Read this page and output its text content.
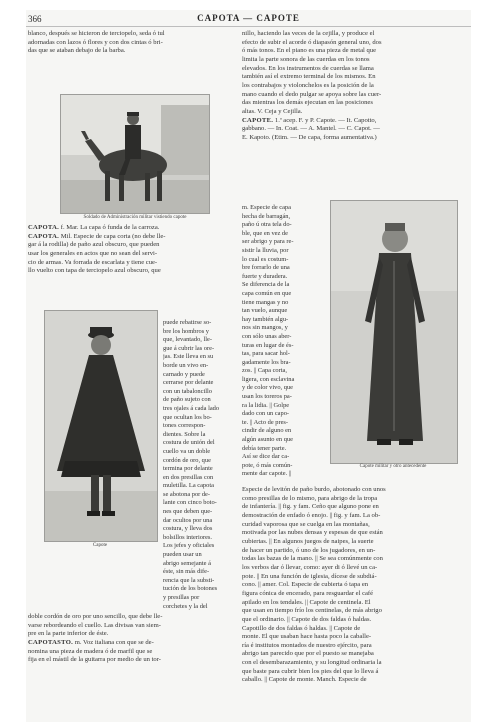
366	CAPOTA — CAPOTE
blanco, después se hicieron de terciopelo, seda ó tul
adornadas con lazos ó flores y con dos cintas ó bri-
das que se ataban debajo de la barba.
Soldado de Administración militar vistiendo capote

CAPOTA. f. Mar. La capa ó funda de la carroza.

CAPOTA. Mil. Especie de capa corta (no debe lle-
gar á la rodilla) de paño azul obscuro, que pueden
usar los generales en actos que no sean del servi-
cio de armas. Va forrada de escarlata y tiene cue-
llo vuelto con tapa de terciopelo azul obscuro, que
Capote
puede rebatirse so-
bre los hombros y
que, levantado, lle-
gue á cubrir las ore-
jas. Este lleva en su
borde un vivo en-
carnado y puede
cerrarse por delante
con un tabaloncillo
de paño sujeto con
tres ojales á cada lado
que ocultan los bo-
tones correspon-
dientes. Sobre la
costura de unión del
cuello va un doble
cordón de oro, que
termina por delante
en dos presillas con
muletilla. La capota
se abotona por de-
lante con cinco boto-
nes que deben que-
dar ocultos por una
costura, y lleva dos
bolsillos interiores.
Los jefes y oficiales
pueden usar un
abrigo semejante á
éste, sin más dife-
rencia que la substi-
tución de los botones
y presillas por
corchetes y la del
doble cordón de oro por uno sencillo, que debe lle-
varse rebordeando el cuello. Las divisas van siem-
pre en la parte inferior de éste.
CAPOTASTO. m. Voz italiana con que se de-
nomina una pieza de madera ó de marfil que se
fija en el mástil de la guitarra por medio de un tor-
nillo, haciendo las veces de la cejilla, y produce el
efecto de subir el acorde ó diapasón general uno, dos
ó más tonos. En el piano es una pieza de metal que
limita la parte sonora de las cuerdas en los tonos
elevados. En los instrumentos de cuerdas se llama
también así el extremo terminal de los mismos. En
los contrabajos y violonchelos es la posición de la
mano cuando el dedo pulgar se apoya sobre las cuer-
das mientras los demás ejecutan en las posiciones
altas. V. Ceja y Cejilla.
CAPOTE. 1.ª acep. F. y P. Capote. — It. Capotto,
gabbano. — In. Coat. — A. Mantel. — C. Capot. —
E. Kapoto. (Etim. — De capa, forma aumentativa.)
m. Especie de capa
hecha de barragán,
paño ú otra tela do-
ble, que en vez de
ser abrigo y para re-
sistir la lluvia, por
lo cual es costum-
bre forrarlo de una
fuerte y duradera.
Se diferencia de la
capa común en que
tiene mangas y no
tan vuelo, aunque
hay también algu-
nos sin mangos, y
con sólo unas aber-
turas en lugar de és-
tas, para sacar hol-
gadamente los bra-
zos. || Capa corta,
ligera, con esclavina
y de color vivo, que
usan los toreros pa-
ra la lidia. || Golpe
dado con un capo-
te. || Acto de pres-
cindir de alguno en
algún asunto en que
debía tener parte.
Así se dice dar ca-
pote, ó más común-
mente dar capote. ||
Capote militar y otro antecedente
Especie de levitón de paño burdo, abotonado con unos
como presillas de lo mismo, para abrigo de la tropa
de infantería. || fig. y fam. Ceño que alguno pone en
demostración de enfado ó enojo. || fig. y fam. La ob-
curidad vaporosa que se cuelga en las montañas,
motivada por las nubes densas y espesas de que están
cubiertas. || En algunos juegos de naipes, la suerte
de hacer un partido, ó uno de los jugadores, en un-
todas las bazas de la mano. || Se sea comúnmente con
los verbos dar ó llevar, como: ayer di ó llevé un ca-
pote. || En una función de iglesia, dícese de subdiá-
cono. || amer. Col. Especie de cubierta ó tapa en
figura cónica de encerado, para resguardar el café
apilado en los tendales. || Capote de centinela. El
que usan en tiempo frío los centinelas, de más abrigo
que el ordinario. || Capote de dos faldas ó haldas.
Capotillo de dos faldas ó haldas. || Capote de
monte. El que usaban hace hasta poco la caballe-
ría é institutos montados de nuestro ejército, para
abrigo tan parecido que por el puesto se manejaba
con el desembarazamiento, y su longitud ordinaria la
que baste para cubrir bien los pies del que lo lleva á
caballo. || Capote de monte. Manch. Especie de
